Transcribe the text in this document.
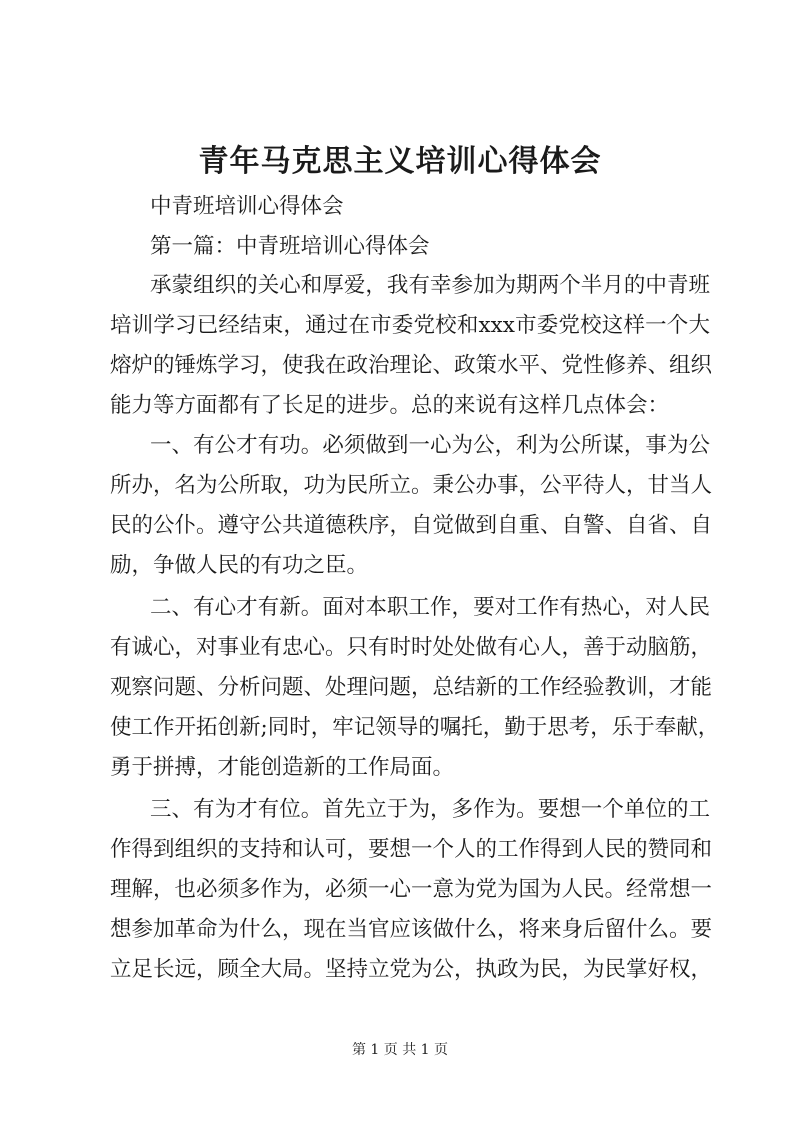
青年马克思主义培训心得体会

中青班培训心得体会

第一篇：中青班培训心得体会

承蒙组织的关心和厚爱，我有幸参加为期两个半月的中青班

培训学习已经结束，通过在市委党校和xxx市委党校这样一个大

熔炉的锤炼学习，使我在政治理论、政策水平、党性修养、组织

能力等方面都有了长足的进步。总的来说有这样几点体会：

一、有公才有功。必须做到一心为公，利为公所谋，事为公

所办，名为公所取，功为民所立。秉公办事，公平待人，甘当人

民的公仆。遵守公共道德秩序，自觉做到自重、自警、自省、自

励，争做人民的有功之臣。

二、有心才有新。面对本职工作，要对工作有热心，对人民

有诚心，对事业有忠心。只有时时处处做有心人，善于动脑筋，

观察问题、分析问题、处理问题，总结新的工作经验教训，才能

使工作开拓创新;同时，牢记领导的嘱托，勤于思考，乐于奉献，

勇于拼搏，才能创造新的工作局面。

三、有为才有位。首先立于为，多作为。要想一个单位的工

作得到组织的支持和认可，要想一个人的工作得到人民的赞同和

理解，也必须多作为，必须一心一意为党为国为人民。经常想一

想参加革命为什么，现在当官应该做什么，将来身后留什么。要

立足长远，顾全大局。坚持立党为公，执政为民，为民掌好权，

第 1 页 共 1 页
